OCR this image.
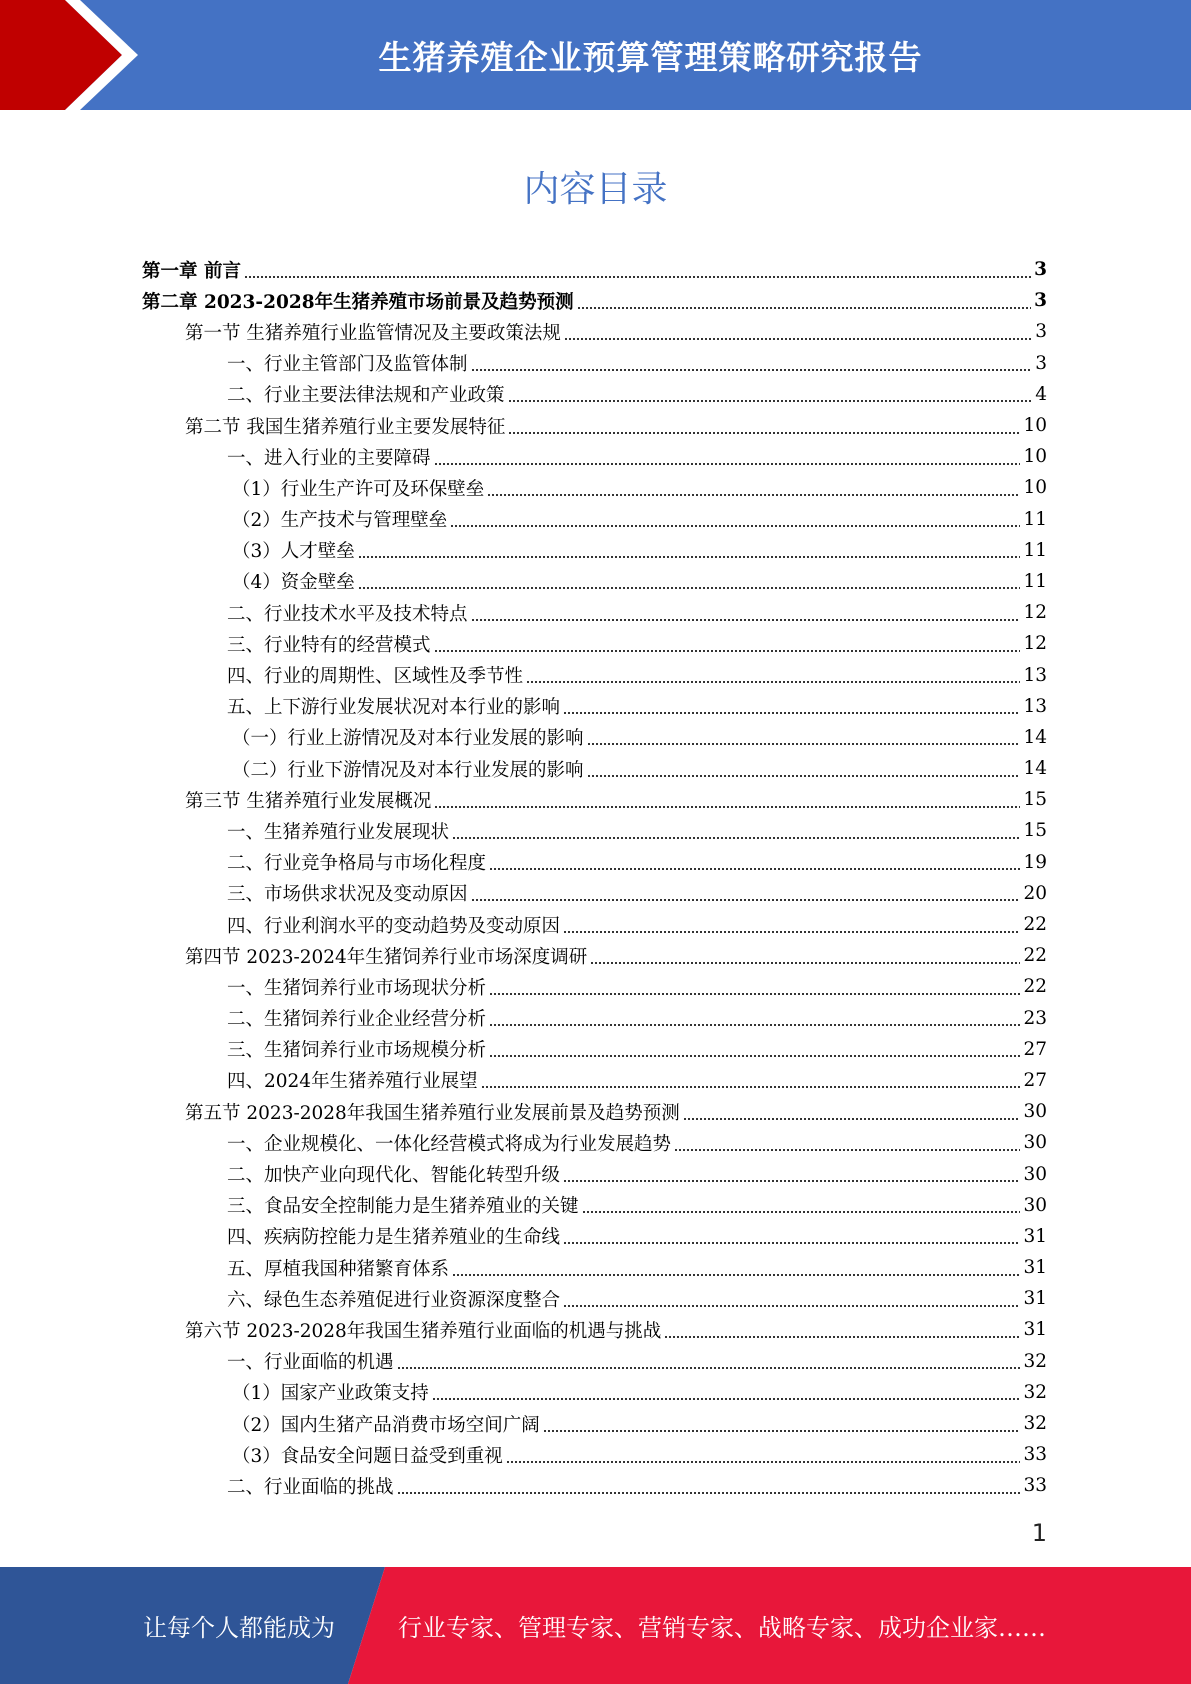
生猪养殖企业预算管理策略研究报告
内容目录
第一章 前言	3
第二章 2023-2028年生猪养殖市场前景及趋势预测	3
第一节 生猪养殖行业监管情况及主要政策法规	3
一、行业主管部门及监管体制	3
二、行业主要法律法规和产业政策	4
第二节 我国生猪养殖行业主要发展特征	10
一、进入行业的主要障碍	10
（1）行业生产许可及环保壁垒	10
（2）生产技术与管理壁垒	11
（3）人才壁垒	11
（4）资金壁垒	11
二、行业技术水平及技术特点	12
三、行业特有的经营模式	12
四、行业的周期性、区域性及季节性	13
五、上下游行业发展状况对本行业的影响	13
（一）行业上游情况及对本行业发展的影响	14
（二）行业下游情况及对本行业发展的影响	14
第三节 生猪养殖行业发展概况	15
一、生猪养殖行业发展现状	15
二、行业竞争格局与市场化程度	19
三、市场供求状况及变动原因	20
四、行业利润水平的变动趋势及变动原因	22
第四节 2023-2024年生猪饲养行业市场深度调研	22
一、生猪饲养行业市场现状分析	22
二、生猪饲养行业企业经营分析	23
三、生猪饲养行业市场规模分析	27
四、2024年生猪养殖行业展望	27
第五节 2023-2028年我国生猪养殖行业发展前景及趋势预测	30
一、企业规模化、一体化经营模式将成为行业发展趋势	30
二、加快产业向现代化、智能化转型升级	30
三、食品安全控制能力是生猪养殖业的关键	30
四、疾病防控能力是生猪养殖业的生命线	31
五、厚植我国种猪繁育体系	31
六、绿色生态养殖促进行业资源深度整合	31
第六节 2023-2028年我国生猪养殖行业面临的机遇与挑战	31
一、行业面临的机遇	32
（1）国家产业政策支持	32
（2）国内生猪产品消费市场空间广阔	32
（3）食品安全问题日益受到重视	33
二、行业面临的挑战	33
1
让每个人都能成为	行业专家、管理专家、营销专家、战略专家、成功企业家……
